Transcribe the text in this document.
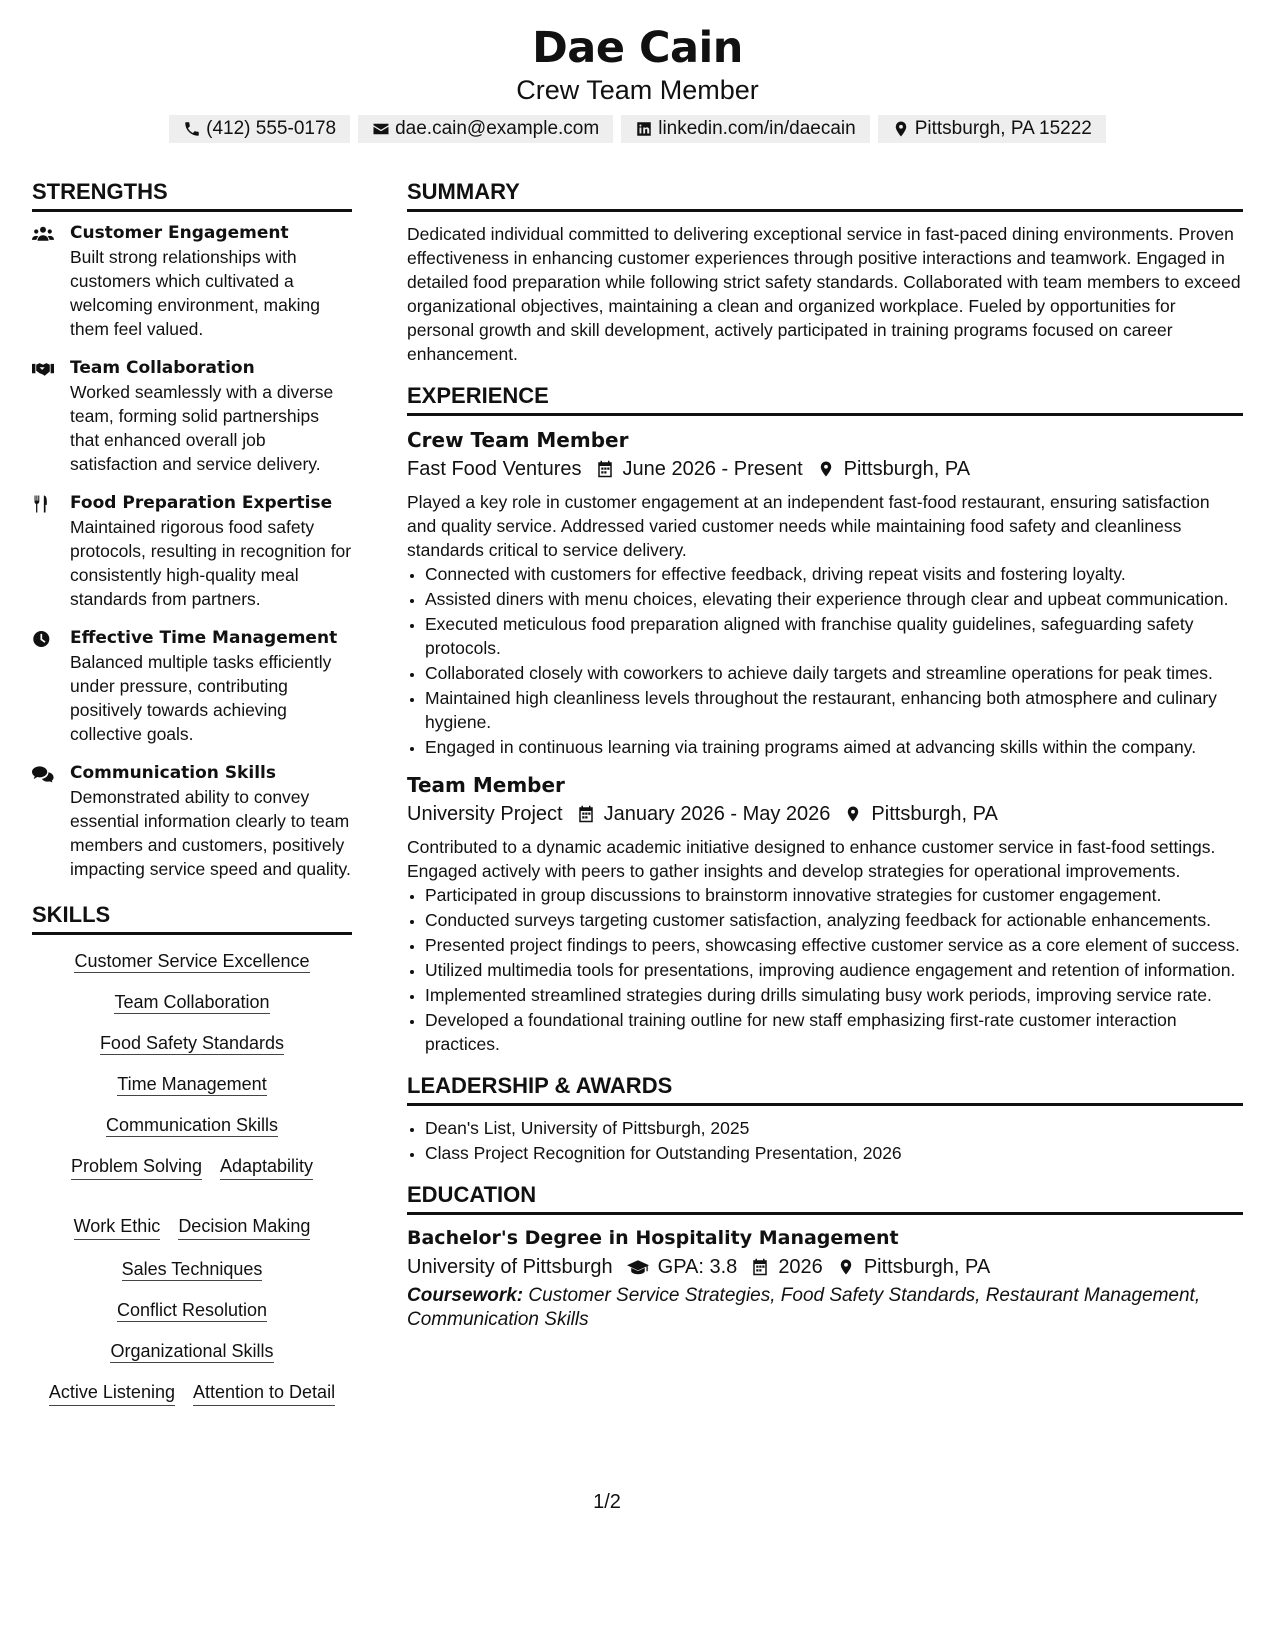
Dae Cain
Crew Team Member
(412) 555-0178	dae.cain@example.com	linkedin.com/in/daecain	Pittsburgh, PA 15222
STRENGTHS
Customer Engagement
Built strong relationships with customers which cultivated a welcoming environment, making them feel valued.
Team Collaboration
Worked seamlessly with a diverse team, forming solid partnerships that enhanced overall job satisfaction and service delivery.
Food Preparation Expertise
Maintained rigorous food safety protocols, resulting in recognition for consistently high-quality meal standards from partners.
Effective Time Management
Balanced multiple tasks efficiently under pressure, contributing positively towards achieving collective goals.
Communication Skills
Demonstrated ability to convey essential information clearly to team members and customers, positively impacting service speed and quality.
SKILLS
Customer Service Excellence
Team Collaboration
Food Safety Standards
Time Management
Communication Skills
Problem Solving Adaptability
Work Ethic Decision Making
Sales Techniques
Conflict Resolution
Organizational Skills
Active Listening Attention to Detail
SUMMARY

Dedicated individual committed to delivering exceptional service in fast-paced dining environments. Proven effectiveness in enhancing customer experiences through positive interactions and teamwork. Engaged in detailed food preparation while following strict safety standards. Collaborated with team members to exceed organizational objectives, maintaining a clean and organized workplace. Fueled by opportunities for personal growth and skill development, actively participated in training programs focused on career enhancement.

EXPERIENCE
Crew Team Member
Fast Food Ventures June 2026 - Present Pittsburgh, PA

Played a key role in customer engagement at an independent fast-food restaurant, ensuring satisfaction and quality service. Addressed varied customer needs while maintaining food safety and cleanliness standards critical to service delivery.

• Connected with customers for effective feedback, driving repeat visits and fostering loyalty.
• Assisted diners with menu choices, elevating their experience through clear and upbeat communication.
• Executed meticulous food preparation aligned with franchise quality guidelines, safeguarding safety protocols.
• Collaborated closely with coworkers to achieve daily targets and streamline operations for peak times.
• Maintained high cleanliness levels throughout the restaurant, enhancing both atmosphere and culinary hygiene.
• Engaged in continuous learning via training programs aimed at advancing skills within the company.
Team Member
University Project January 2026 - May 2026 Pittsburgh, PA

Contributed to a dynamic academic initiative designed to enhance customer service in fast-food settings. Engaged actively with peers to gather insights and develop strategies for operational improvements.

• Participated in group discussions to brainstorm innovative strategies for customer engagement.
• Conducted surveys targeting customer satisfaction, analyzing feedback for actionable enhancements.
• Presented project findings to peers, showcasing effective customer service as a core element of success.
• Utilized multimedia tools for presentations, improving audience engagement and retention of information.
• Implemented streamlined strategies during drills simulating busy work periods, improving service rate.
• Developed a foundational training outline for new staff emphasizing first-rate customer interaction practices.
LEADERSHIP & AWARDS
• Dean's List, University of Pittsburgh, 2025
• Class Project Recognition for Outstanding Presentation, 2026
EDUCATION
Bachelor's Degree in Hospitality Management
University of Pittsburgh GPA: 3.8 2026 Pittsburgh, PA
Coursework: Customer Service Strategies, Food Safety Standards, Restaurant Management, Communication Skills
1/2
